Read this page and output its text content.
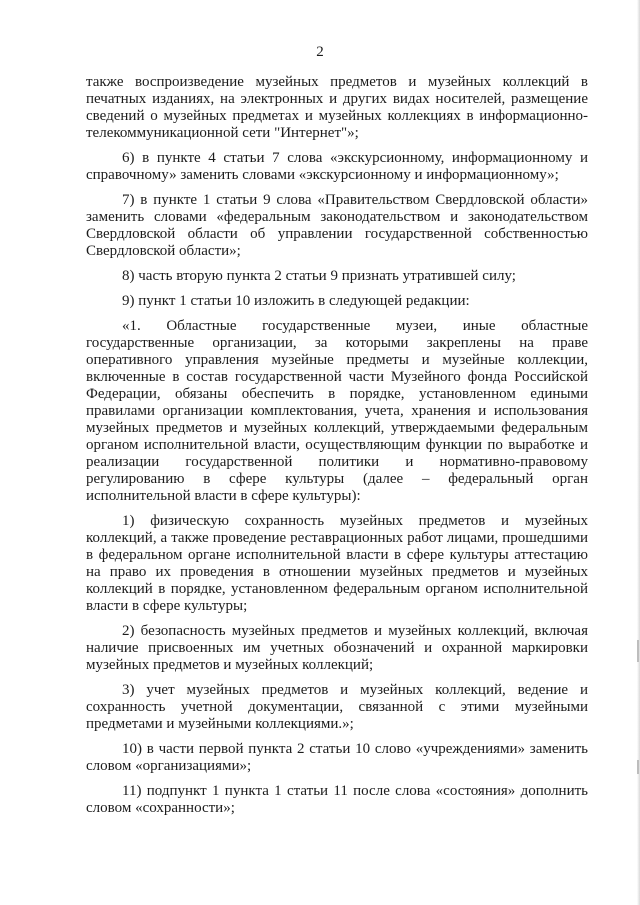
2

также воспроизведение музейных предметов и музейных коллекций в печатных изданиях, на электронных и других видах носителей, размещение сведений о музейных предметах и музейных коллекциях в информационно-телекоммуникационной сети "Интернет"»;

6) в пункте 4 статьи 7 слова «экскурсионному, информационному и справочному» заменить словами «экскурсионному и информационному»;

7) в пункте 1 статьи 9 слова «Правительством Свердловской области» заменить словами «федеральным законодательством и законодательством Свердловской области об управлении государственной собственностью Свердловской области»;

8) часть вторую пункта 2 статьи 9 признать утратившей силу;

9) пункт 1 статьи 10 изложить в следующей редакции:

«1. Областные государственные музеи, иные областные государственные организации, за которыми закреплены на праве оперативного управления музейные предметы и музейные коллекции, включенные в состав государственной части Музейного фонда Российской Федерации, обязаны обеспечить в порядке, установленном едиными правилами организации комплектования, учета, хранения и использования музейных предметов и музейных коллекций, утверждаемыми федеральным органом исполнительной власти, осуществляющим функции по выработке и реализации государственной политики и нормативно-правовому регулированию в сфере культуры (далее – федеральный орган исполнительной власти в сфере культуры):

1) физическую сохранность музейных предметов и музейных коллекций, а также проведение реставрационных работ лицами, прошедшими в федеральном органе исполнительной власти в сфере культуры аттестацию на право их проведения в отношении музейных предметов и музейных коллекций в порядке, установленном федеральным органом исполнительной власти в сфере культуры;

2) безопасность музейных предметов и музейных коллекций, включая наличие присвоенных им учетных обозначений и охранной маркировки музейных предметов и музейных коллекций;

3) учет музейных предметов и музейных коллекций, ведение и сохранность учетной документации, связанной с этими музейными предметами и музейными коллекциями.»;

10) в части первой пункта 2 статьи 10 слово «учреждениями» заменить словом «организациями»;

11) подпункт 1 пункта 1 статьи 11 после слова «состояния» дополнить словом «сохранности»;
